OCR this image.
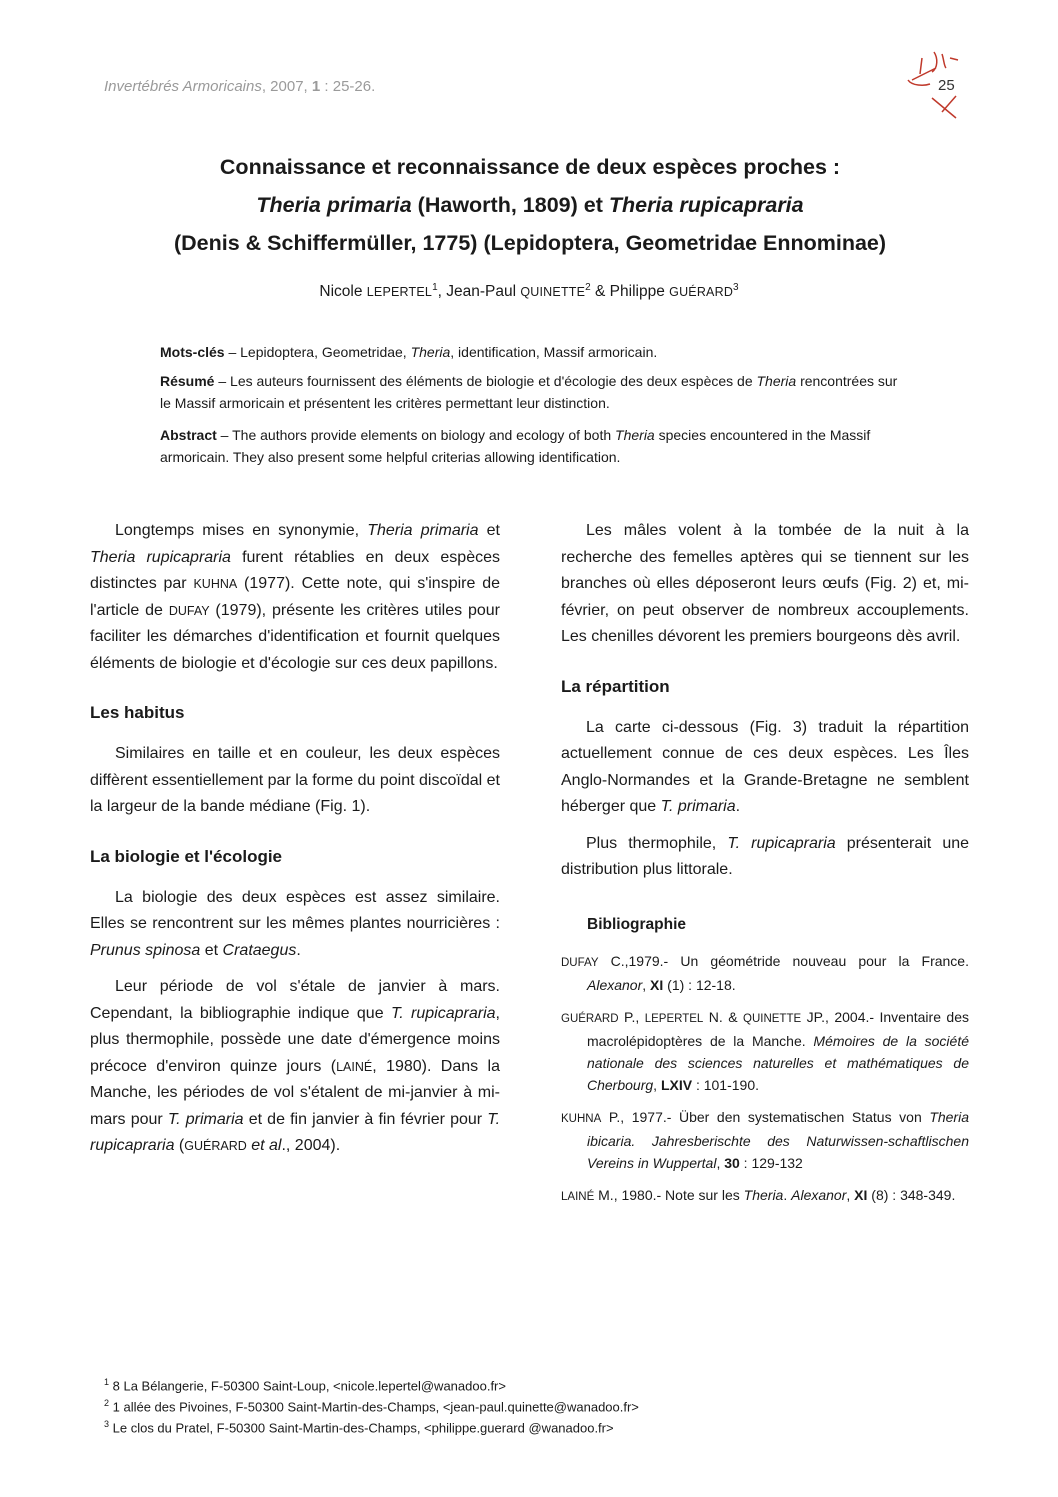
Invertébrés Armoricains, 2007, 1 : 25-26.	25
Connaissance et reconnaissance de deux espèces proches :
Theria primaria (Haworth, 1809) et Theria rupicapraria
(Denis & Schiffermüller, 1775) (Lepidoptera, Geometridae Ennominae)
Nicole LEPERTEL$^1$, Jean-Paul QUINETTE$^2$ & Philippe GUÉRARD$^3$
Mots-clés – Lepidoptera, Geometridae, Theria, identification, Massif armoricain.
Résumé – Les auteurs fournissent des éléments de biologie et d'écologie des deux espèces de Theria rencontrées sur le Massif armoricain et présentent les critères permettant leur distinction.
Abstract – The authors provide elements on biology and ecology of both Theria species encountered in the Massif armoricain. They also present some helpful criterias allowing identification.

Longtemps mises en synonymie, Theria primaria et Theria rupicapraria furent rétablies en deux espèces distinctes par KUHNA (1977). Cette note, qui s'inspire de l'article de DUFAY (1979), présente les critères utiles pour faciliter les démarches d'identification et fournit quelques éléments de biologie et d'écologie sur ces deux papillons.

Les habitus

Similaires en taille et en couleur, les deux espèces diffèrent essentiellement par la forme du point discoïdal et la largeur de la bande médiane (Fig. 1).

La biologie et l'écologie

La biologie des deux espèces est assez similaire. Elles se rencontrent sur les mêmes plantes nourricières : Prunus spinosa et Crataegus.

Leur période de vol s'étale de janvier à mars. Cependant, la bibliographie indique que T. rupicapraria, plus thermophile, possède une date d'émergence moins précoce d'environ quinze jours (LAINÉ, 1980). Dans la Manche, les périodes de vol s'étalent de mi-janvier à mi-mars pour T. primaria et de fin janvier à fin février pour T. rupicapraria (GUÉRARD et al., 2004).

Les mâles volent à la tombée de la nuit à la recherche des femelles aptères qui se tiennent sur les branches où elles déposeront leurs œufs (Fig. 2) et, mi-février, on peut observer de nombreux accouplements. Les chenilles dévorent les premiers bourgeons dès avril.

La répartition

La carte ci-dessous (Fig. 3) traduit la répartition actuellement connue de ces deux espèces. Les Îles Anglo-Normandes et la Grande-Bretagne ne semblent héberger que T. primaria.

Plus thermophile, T. rupicapraria présenterait une distribution plus littorale.

Bibliographie

DUFAY C.,1979.- Un géométride nouveau pour la France. Alexanor, XI (1) : 12-18.

GUÉRARD P., LEPERTEL N. & QUINETTE JP., 2004.- Inventaire des macrolépidoptères de la Manche. Mémoires de la société nationale des sciences naturelles et mathématiques de Cherbourg, LXIV : 101-190.

KUHNA P., 1977.- Über den systematischen Status von Theria ibicaria. Jahresberischte des Naturwissen-schaftlischen Vereins in Wuppertal, 30 : 129-132

LAINÉ M., 1980.- Note sur les Theria. Alexanor, XI (8) : 348-349.

$^1$ 8 La Bélangerie, F-50300 Saint-Loup, <nicole.lepertel@wanadoo.fr>
$^2$ 1 allée des Pivoines, F-50300 Saint-Martin-des-Champs, <jean-paul.quinette@wanadoo.fr>
$^3$ Le clos du Pratel, F-50300 Saint-Martin-des-Champs, <philippe.guerard @wanadoo.fr>
